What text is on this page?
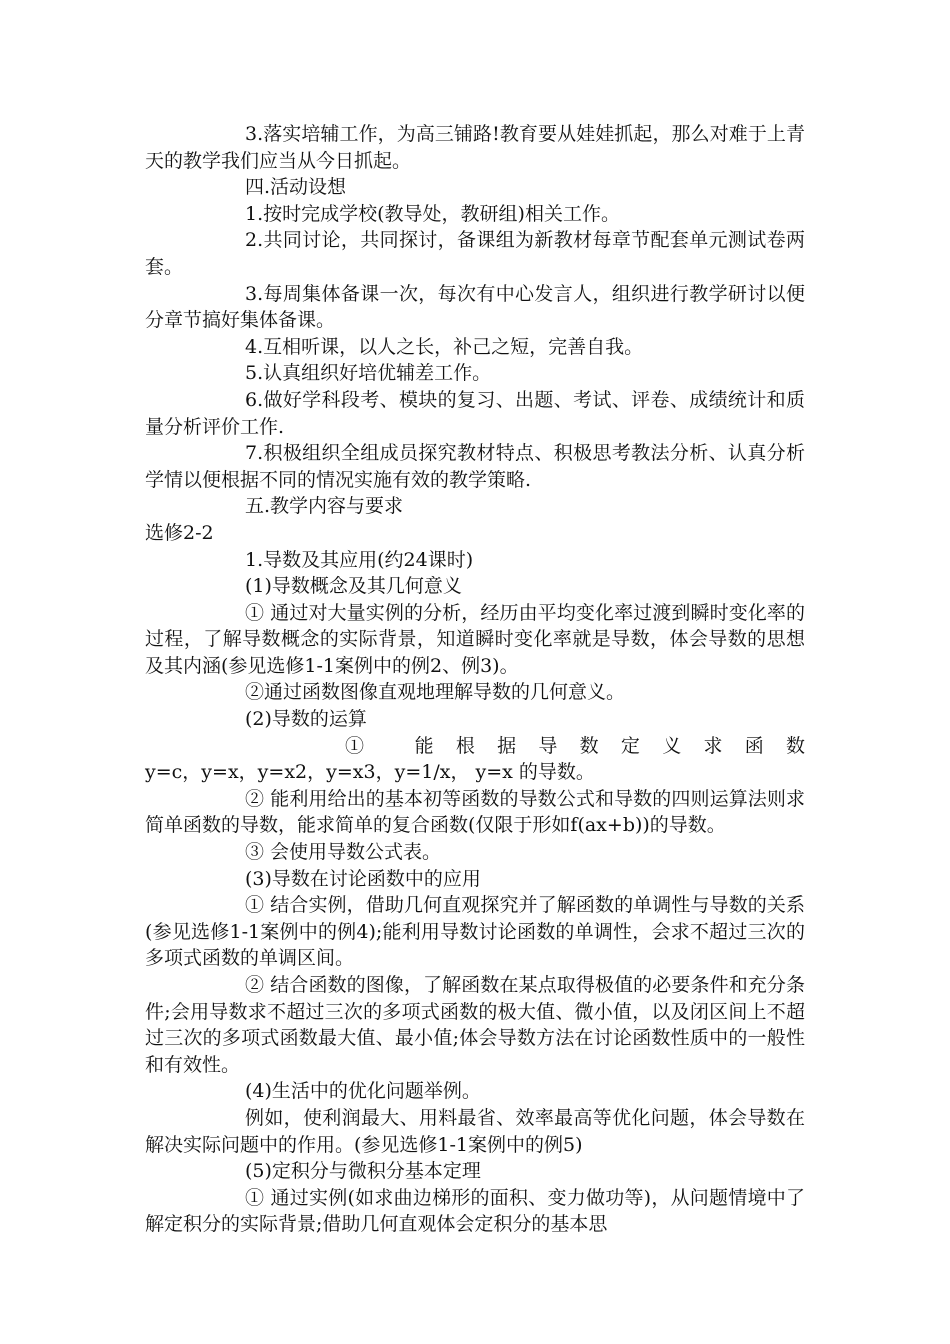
3.落实培辅工作，为高三铺路!教育要从娃娃抓起，那么对难于上青天的教学我们应当从今日抓起。

四.活动设想

1.按时完成学校(教导处，教研组)相关工作。

2.共同讨论，共同探讨，备课组为新教材每章节配套单元测试卷两套。

3.每周集体备课一次，每次有中心发言人，组织进行教学研讨以便分章节搞好集体备课。

4.互相听课，以人之长，补己之短，完善自我。

5.认真组织好培优辅差工作。

6.做好学科段考、模块的复习、出题、考试、评卷、成绩统计和质量分析评价工作.

7.积极组织全组成员探究教材特点、积极思考教法分析、认真分析学情以便根据不同的情况实施有效的教学策略.

五.教学内容与要求

选修2-2

1.导数及其应用(约24课时)

(1)导数概念及其几何意义

① 通过对大量实例的分析，经历由平均变化率过渡到瞬时变化率的过程，了解导数概念的实际背景，知道瞬时变化率就是导数，体会导数的思想及其内涵(参见选修1-1案例中的例2、例3)。

②通过函数图像直观地理解导数的几何意义。

(2)导数的运算

① 能根据导数定义求函数

y=c，y=x，y=x2，y=x3，y=1/x， y=x 的导数。

② 能利用给出的基本初等函数的导数公式和导数的四则运算法则求简单函数的导数，能求简单的复合函数(仅限于形如f(ax+b))的导数。

③ 会使用导数公式表。

(3)导数在讨论函数中的应用

① 结合实例，借助几何直观探究并了解函数的单调性与导数的关系(参见选修1-1案例中的例4);能利用导数讨论函数的单调性，会求不超过三次的多项式函数的单调区间。

② 结合函数的图像，了解函数在某点取得极值的必要条件和充分条件;会用导数求不超过三次的多项式函数的极大值、微小值，以及闭区间上不超过三次的多项式函数最大值、最小值;体会导数方法在讨论函数性质中的一般性和有效性。

(4)生活中的优化问题举例。

例如，使利润最大、用料最省、效率最高等优化问题，体会导数在解决实际问题中的作用。(参见选修1-1案例中的例5)

(5)定积分与微积分基本定理

① 通过实例(如求曲边梯形的面积、变力做功等)，从问题情境中了解定积分的实际背景;借助几何直观体会定积分的基本思
